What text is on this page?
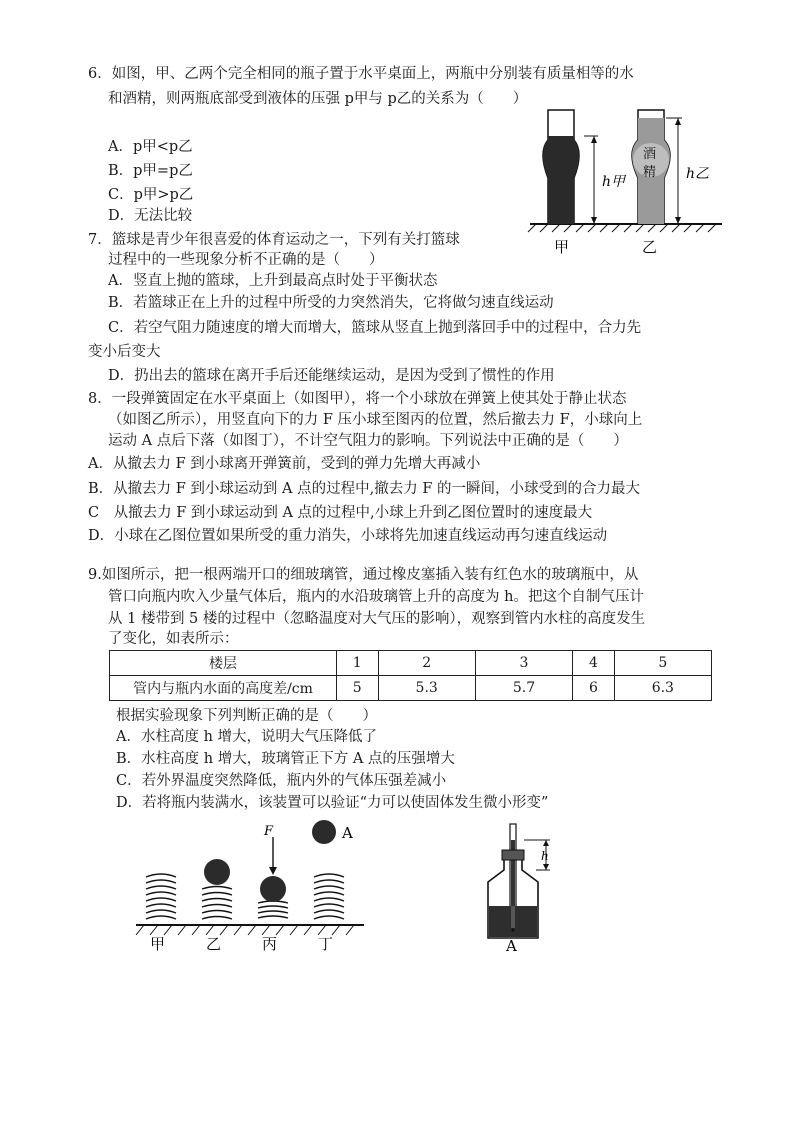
6．如图，甲、乙两个完全相同的瓶子置于水平桌面上，两瓶中分别装有质量相等的水
和酒精，则两瓶底部受到液体的压强 p甲与 p乙的关系为（　　）
A．p甲<p乙
B．p甲=p乙
C．p甲>p乙
D．无法比较
h甲
酒
精 h乙
甲	乙
7．篮球是青少年很喜爱的体育运动之一，下列有关打篮球
过程中的一些现象分析不正确的是（　　）
A．竖直上抛的篮球，上升到最高点时处于平衡状态
B．若篮球正在上升的过程中所受的力突然消失，它将做匀速直线运动
C．若空气阻力随速度的增大而增大，篮球从竖直上抛到落回手中的过程中，合力先
变小后变大
D．扔出去的篮球在离开手后还能继续运动，是因为受到了惯性的作用
8．一段弹簧固定在水平桌面上（如图甲），将一个小球放在弹簧上使其处于静止状态
（如图乙所示），用竖直向下的力 F 压小球至图丙的位置，然后撤去力 F，小球向上
运动 A 点后下落（如图丁），不计空气阻力的影响。下列说法中正确的是（　　）
A．从撤去力 F 到小球离开弹簧前，受到的弹力先增大再减小
B．从撤去力 F 到小球运动到 A 点的过程中,撤去力 F 的一瞬间，小球受到的合力最大
C　从撤去力 F 到小球运动到 A 点的过程中,小球上升到乙图位置时的速度最大
D．小球在乙图位置如果所受的重力消失，小球将先加速直线运动再匀速直线运动
9.如图所示，把一根两端开口的细玻璃管，通过橡皮塞插入装有红色水的玻璃瓶中，从
管口向瓶内吹入少量气体后，瓶内的水沿玻璃管上升的高度为 h。把这个自制气压计
从 1 楼带到 5 楼的过程中（忽略温度对大气压的影响），观察到管内水柱的高度发生
了变化，如表所示：
楼层	1	2	3	4	5
管内与瓶内水面的高度差/cm	5	5.3	5.7	6	6.3
根据实验现象下列判断正确的是（　　）
A．水柱高度 h 增大，说明大气压降低了
B．水柱高度 h 增大，玻璃管正下方 A 点的压强增大
C．若外界温度突然降低，瓶内外的气体压强差减小
D．若将瓶内装满水，该装置可以验证“力可以使固体发生微小形变”
F	A
甲	乙	丙	丁
h
A
